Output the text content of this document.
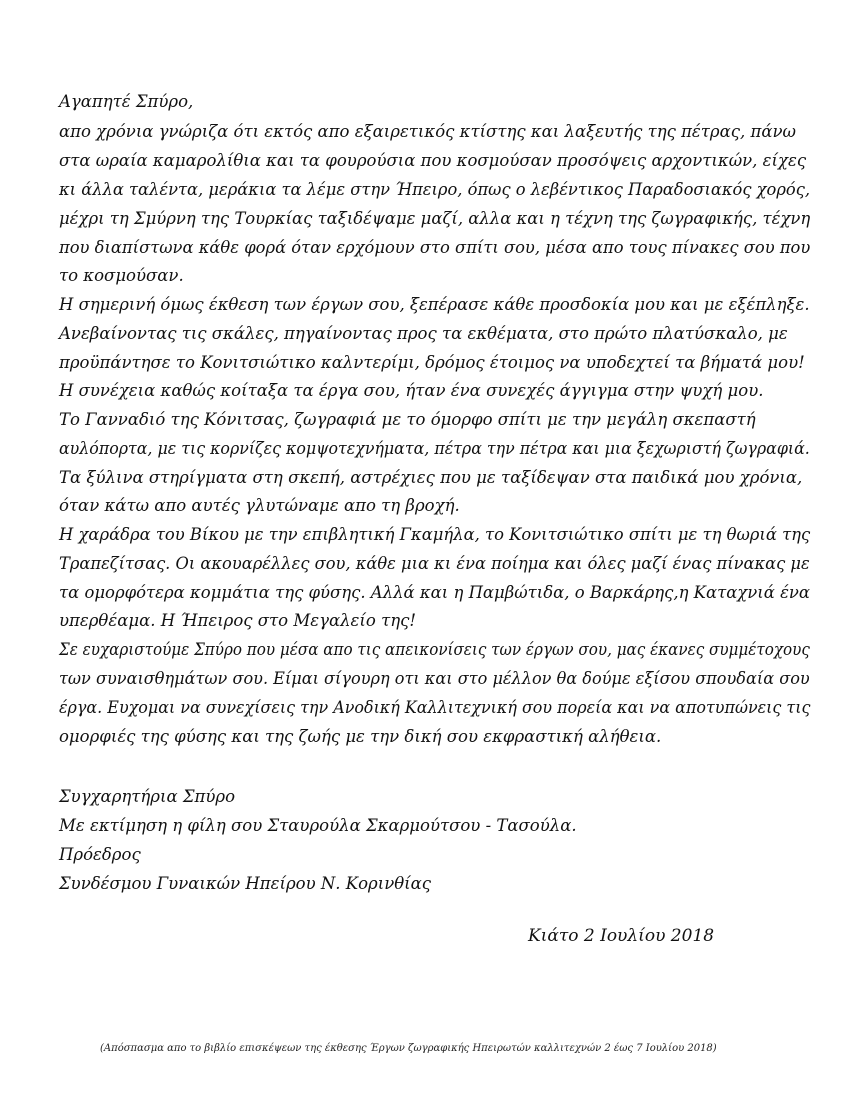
Αγαπητέ Σπύρο,
απο χρόνια γνώριζα ότι εκτός απο εξαιρετικός κτίστης και λαξευτής της πέτρας, πάνω
στα ωραία καμαρολίθια και τα φουρούσια που κοσμούσαν προσόψεις αρχοντικών, είχες
κι άλλα ταλέντα, μεράκια τα λέμε στην Ήπειρο, όπως ο λεβέντικος Παραδοσιακός χορός,
μέχρι τη Σμύρνη της Τουρκίας ταξιδέψαμε μαζί, αλλα και η τέχνη της ζωγραφικής, τέχνη
που διαπίστωνα κάθε φορά όταν ερχόμουν στο σπίτι σου, μέσα απο τους πίνακες σου που
το κοσμούσαν.
Η σημερινή όμως έκθεση των έργων σου, ξεπέρασε κάθε προσδοκία μου και με εξέπληξε.
Ανεβαίνοντας τις σκάλες, πηγαίνοντας προς τα εκθέματα, στο πρώτο πλατύσκαλο, με
προϋπάντησε το Κονιτσιώτικο καλντερίμι, δρόμος έτοιμος να υποδεχτεί τα βήματά μου!
Η συνέχεια καθώς κοίταξα τα έργα σου, ήταν ένα συνεχές άγγιγμα στην ψυχή μου.
Το Γανναδιό της Κόνιτσας, ζωγραφιά με το όμορφο σπίτι με την μεγάλη σκεπαστή
αυλόπορτα, με τις κορνίζες κομψοτεχνήματα, πέτρα την πέτρα και μια ξεχωριστή ζωγραφιά.
Τα ξύλινα στηρίγματα στη σκεπή, αστρέχιες που με ταξίδεψαν στα παιδικά μου χρόνια,
όταν κάτω απο αυτές γλυτώναμε απο τη βροχή.
Η χαράδρα του Βίκου με την επιβλητική Γκαμήλα, το Κονιτσιώτικο σπίτι με τη θωριά της
Τραπεζίτσας. Οι ακουαρέλλες σου, κάθε μια κι ένα ποίημα και όλες μαζί ένας πίνακας με
τα ομορφότερα κομμάτια της φύσης. Αλλά και η Παμβώτιδα, ο Βαρκάρης,η Καταχνιά ένα
υπερθέαμα. Η Ήπειρος στο Μεγαλείο της!
Σε ευχαριστούμε Σπύρο που μέσα απο τις απεικονίσεις των έργων σου, μας έκανες συμμέτοχους
των συναισθημάτων σου. Είμαι σίγουρη οτι και στο μέλλον θα δούμε εξίσου σπουδαία σου
έργα. Ευχομαι να συνεχίσεις την Ανοδική Καλλιτεχνική σου πορεία και να αποτυπώνεις τις
ομορφιές της φύσης και της ζωής με την δική σου εκφραστική αλήθεια.
Συγχαρητήρια Σπύρο
Με εκτίμηση η φίλη σου Σταυρούλα Σκαρμούτσου - Τασούλα.
Πρόεδρος
Συνδέσμου Γυναικών Ηπείρου Ν. Κορινθίας
Κιάτο 2 Ιουλίου 2018
(Απόσπασμα απο το βιβλίο επισκέψεων της έκθεσης Έργων ζωγραφικής Ηπειρωτών καλλιτεχνών 2 έως 7 Ιουλίου 2018)
